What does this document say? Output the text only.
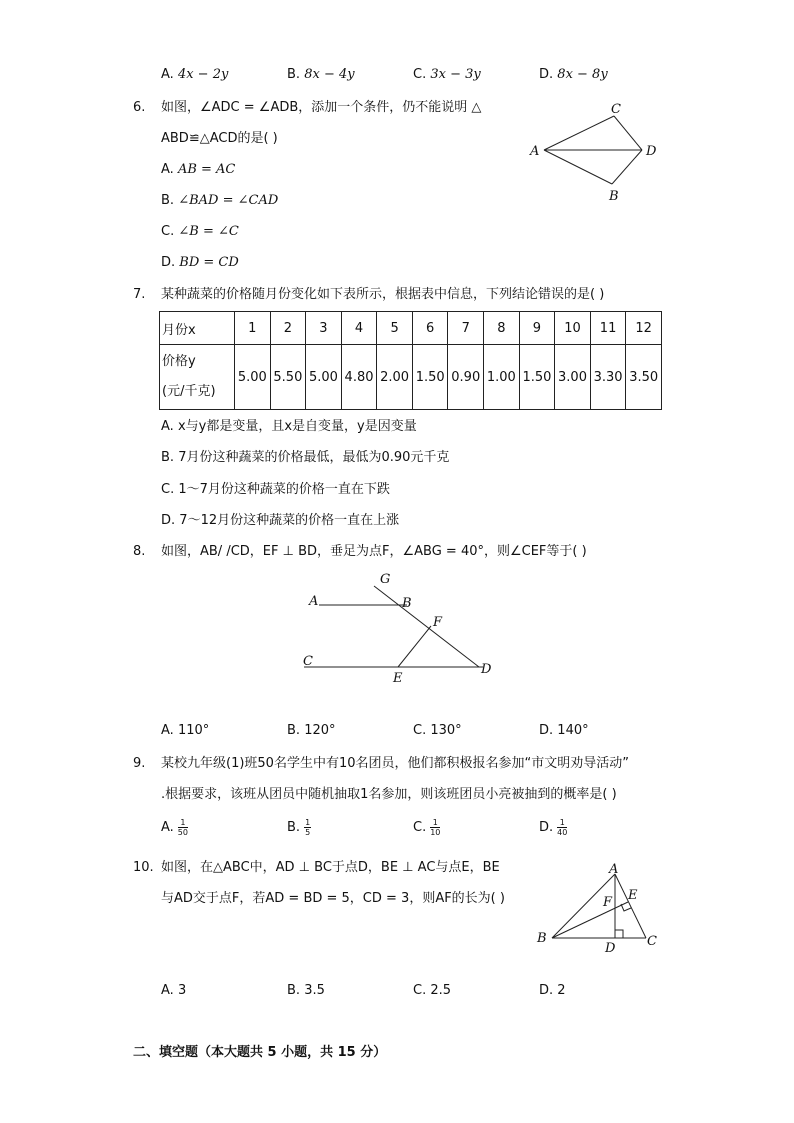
A. 4x − 2y	B. 8x − 4y	C. 3x − 3y	D. 8x − 8y
6. 如图，∠ADC = ∠ADB，添加一个条件，仍不能说明 △
ABD≌△ACD的是( )
A. AB = AC
B. ∠BAD = ∠CAD
C. ∠B = ∠C
D. BD = CD
A
C
D
B
7. 某种蔬菜的价格随月份变化如下表所示，根据表中信息，下列结论错误的是( )
月份x	1	2	3	4	5	6	7	8	9	10	11	12

价格y
(元/千克)	5.00	5.50	5.00	4.80	2.00	1.50	0.90	1.00	1.50	3.00	3.30	3.50
A. x与y都是变量，且x是自变量，y是因变量
B. 7月份这种蔬菜的价格最低，最低为0.90元千克
C. 1～7月份这种蔬菜的价格一直在下跌
D. 7～12月份这种蔬菜的价格一直在上涨
8. 如图，AB/ /CD，EF ⊥ BD，垂足为点F，∠ABG = 40°，则∠CEF等于( )
G
A	B
F
C
D
E
A. 110°	B. 120°	C. 130°	D. 140°
9. 某校九年级(1)班50名学生中有10名团员，他们都积极报名参加“市文明劝导活动”
.根据要求，该班从团员中随机抽取1名参加，则该班团员小亮被抽到的概率是( )
A. $\frac{1}{50}$	B. $\frac{1}{5}$	C. $\frac{1}{10}$	D. $\frac{1}{40}$
10. 如图，在△ABC中，AD ⊥ BC于点D，BE ⊥ AC与点E，BE
与AD交于点F，若AD = BD = 5，CD = 3，则AF的长为( )
A
E
F
B
D C
A. 3	B. 3.5	C. 2.5	D. 2
二、填空题（本大题共 5 小题，共 15 分）
